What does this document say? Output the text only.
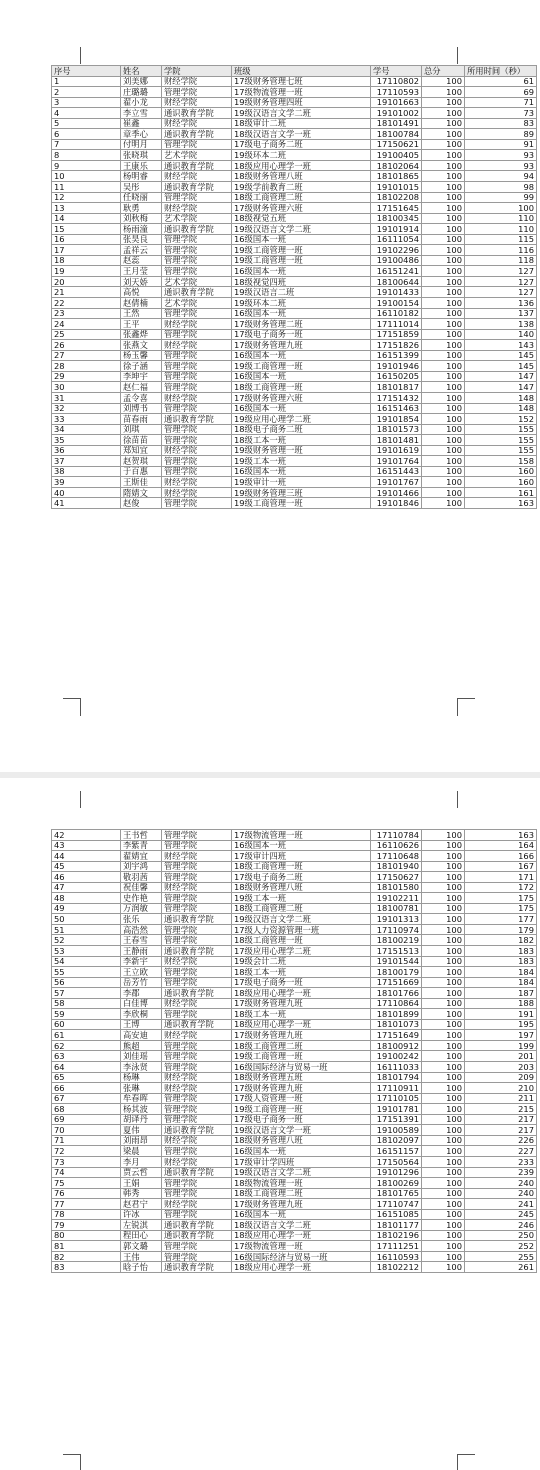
序号	姓名	学院	班级	学号	总分	所用时间（秒）
1	刘美娜	财经学院	17级财务管理七班	17110802	100	61
2	庄璐璐	管理学院	17级物流管理一班	17110593	100	69
3	翟小龙	财经学院	19级财务管理四班	19101663	100	71
4	李立雪	通识教育学院	19级汉语言文学二班	19101002	100	73
5	崔鑫	财经学院	18级审计二班	18101491	100	83
6	章季心	通识教育学院	18级汉语言文学一班	18100784	100	89
7	付明月	管理学院	17级电子商务二班	17150621	100	91
8	张晓琪	艺术学院	19级环本二班	19100405	100	93
9	王康乐	通识教育学院	18级应用心理学一班	18102064	100	93
10	杨明睿	财经学院	18级财务管理八班	18101865	100	94
11	吴彤	通识教育学院	19级学前教育二班	19101015	100	98
12	任晓丽	管理学院	18级工商管理二班	18102208	100	99
13	耿勇	财经学院	17级财务管理六班	17151645	100	100
14	刘秋梅	艺术学院	18级视觉五班	18100345	100	110
15	杨雨潼	通识教育学院	19级汉语言文学二班	19101914	100	110
16	张昊良	管理学院	16级国本一班	16111054	100	115
17	孟祥云	管理学院	19级工商管理一班	19102296	100	116
18	赵蕊	管理学院	19级工商管理一班	19100486	100	118
19	王月莹	管理学院	16级国本一班	16151241	100	127
20	刘天娇	艺术学院	18级视觉四班	18100644	100	127
21	高悦	通识教育学院	19级汉语言二班	19101433	100	127
22	赵倩楠	艺术学院	19级环本二班	19100154	100	136
23	王然	管理学院	16级国本一班	16110182	100	137
24	王平	财经学院	17级财务管理二班	17111014	100	138
25	张鑫烨	管理学院	17级电子商务一班	17151859	100	140
26	张燕文	财经学院	17级财务管理九班	17151826	100	143
27	杨玉馨	管理学院	16级国本一班	16151399	100	145
28	徐子涵	管理学院	19级工商管理一班	19101946	100	145
29	李坤宇	管理学院	16级国本一班	16150205	100	147
30	赵仁福	管理学院	18级工商管理一班	18101817	100	147
31	孟令喜	财经学院	17级财务管理六班	17151432	100	148
32	刘博书	管理学院	16级国本一班	16151463	100	148
33	苗春雨	通识教育学院	19级应用心理学二班	19101854	100	152
34	刘琪	管理学院	18级电子商务二班	18101573	100	155
35	徐苗苗	管理学院	18级工本一班	18101481	100	155
36	郑知宜	财经学院	19级财务管理一班	19101619	100	155
37	赵贺琪	管理学院	19级工本一班	19101764	100	158
38	于百惠	管理学院	16级国本一班	16151443	100	160
39	王斯佳	财经学院	19级审计一班	19101767	100	160
40	隋婧文	财经学院	19级财务管理三班	19101466	100	161
41	赵俊	管理学院	19级工商管理一班	19101846	100	163
42	王书哲	管理学院	17级物流管理一班	17110784	100	163
43	李紫青	管理学院	16级国本一班	16110626	100	164
44	翟婧宜	财经学院	17级审计四班	17110648	100	166
45	刘宇鸿	管理学院	18级工商管理一班	18101940	100	167
46	敬羽茜	管理学院	17级电子商务二班	17150627	100	171
47	祝佳馨	财经学院	18级财务管理八班	18101580	100	172
48	史作艳	管理学院	19级工本一班	19102211	100	175
49	万润敏	管理学院	18级工商管理二班	18100781	100	175
50	张乐	通识教育学院	19级汉语言文学二班	19101313	100	177
51	高浩然	管理学院	17级人力资源管理一班	17110974	100	179
52	王春雪	管理学院	18级工商管理一班	18100219	100	182
53	王静雨	通识教育学院	17级应用心理学二班	17151513	100	183
54	李新宇	财经学院	19级会计二班	19101544	100	183
55	王立欧	管理学院	18级工本一班	18100179	100	184
56	岳芳竹	管理学院	17级电子商务一班	17151669	100	184
57	李郡	通识教育学院	18级应用心理学一班	18101766	100	187
58	白佳博	财经学院	17级财务管理九班	17110864	100	188
59	李欣桐	管理学院	18级工本一班	18101899	100	191
60	王博	通识教育学院	18级应用心理学一班	18101073	100	195
61	高安迪	财经学院	17级财务管理九班	17151649	100	197
62	熊超	管理学院	18级工商管理二班	18100912	100	199
63	刘佳瑶	管理学院	19级工商管理一班	19100242	100	201
64	李泳贤	管理学院	16级国际经济与贸易一班	16111033	100	203
65	杨琳	财经学院	18级财务管理五班	18101794	100	209
66	张琳	财经学院	17级财务管理九班	17110911	100	210
67	牟春晖	管理学院	17级人资管理一班	17110105	100	211
68	杨其波	管理学院	19级工商管理一班	19101781	100	215
69	胡译丹	管理学院	17级电子商务一班	17151391	100	217
70	夏伟	通识教育学院	19级汉语言文学一班	19100589	100	217
71	刘雨昂	财经学院	18级财务管理八班	18102097	100	226
72	梁晨	管理学院	16级国本一班	16151157	100	227
73	李月	财经学院	17级审计学四班	17150564	100	233
74	贾云哲	通识教育学院	19级汉语言文学二班	19101296	100	239
75	王娟	管理学院	18级物流管理一班	18100269	100	240
76	韩秀	管理学院	18级工商管理二班	18101765	100	240
77	赵君宁	财经学院	17级财务管理九班	17110747	100	241
78	许冰	管理学院	16级国本一班	16151085	100	245
79	左锐淇	通识教育学院	18级汉语言文学二班	18101177	100	246
80	程田心	通识教育学院	18级应用心理学一班	18102196	100	250
81	郭文璐	管理学院	17级物流管理一班	17111251	100	252
82	王伟	管理学院	16级国际经济与贸易一班	16110593	100	255
83	晗子怡	通识教育学院	18级应用心理学一班	18102212	100	261
